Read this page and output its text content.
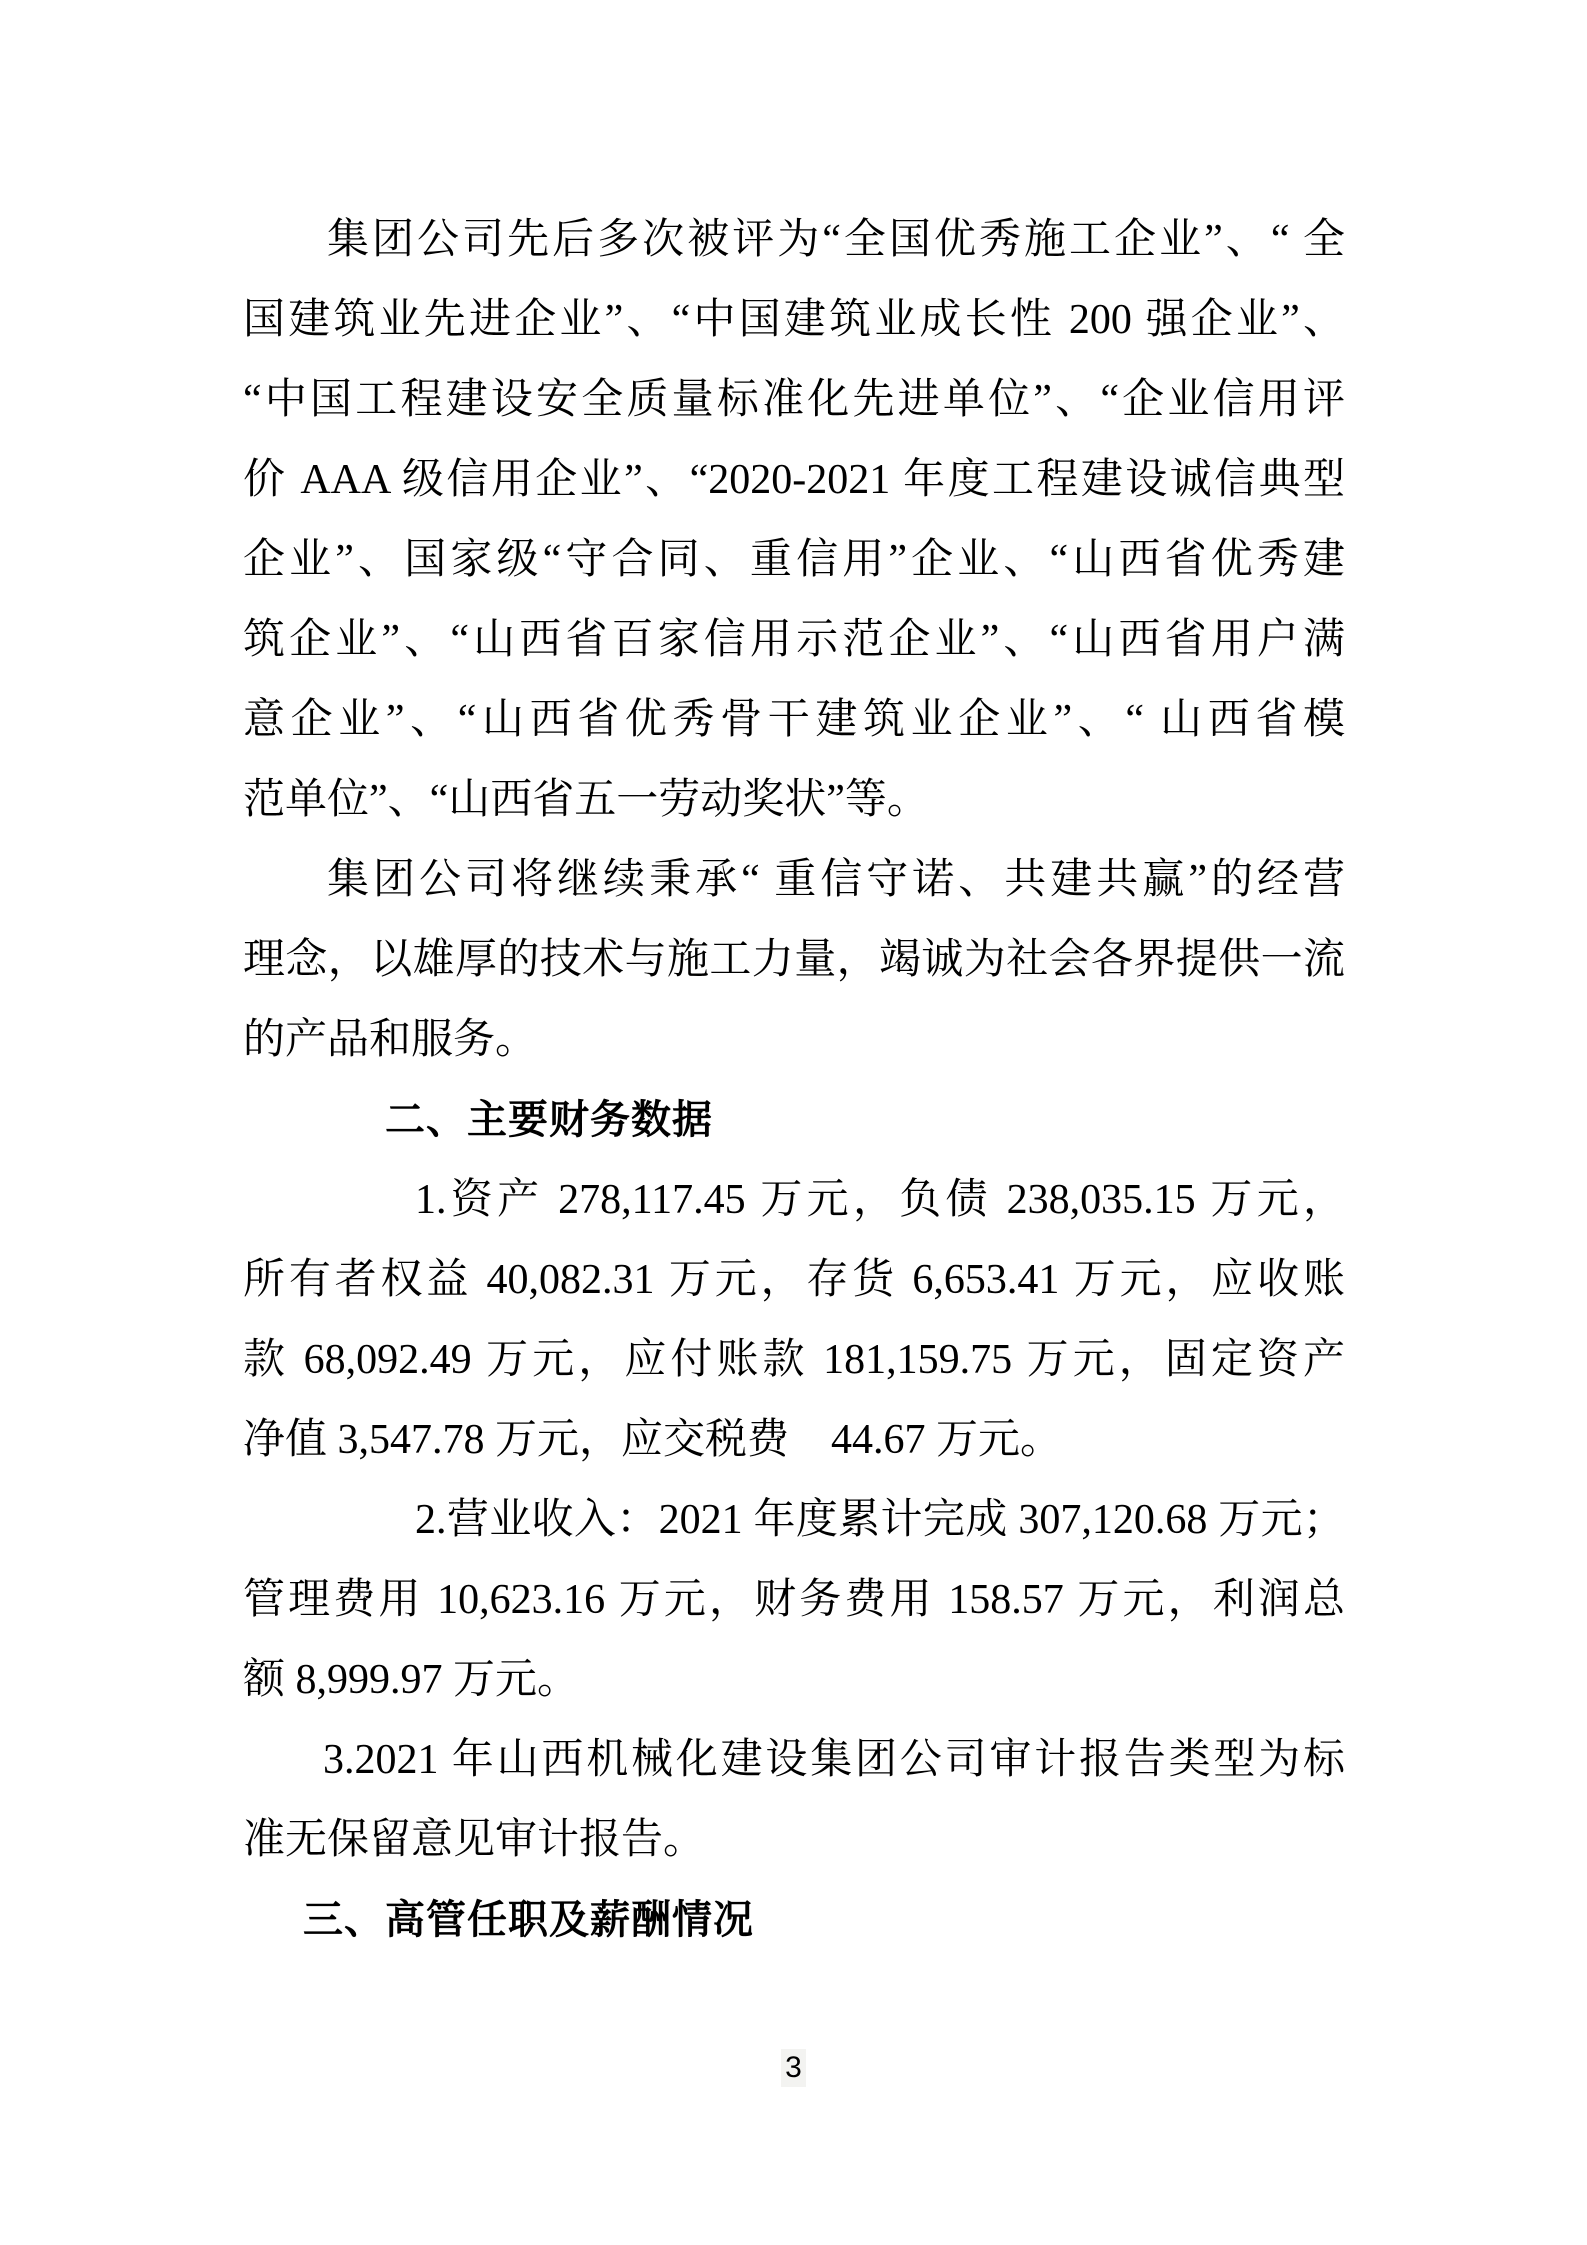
集团公司先后多次被评为“全国优秀施工企业”、“ 全
国建筑业先进企业”、“中国建筑业成长性 200 强企业”、
“中国工程建设安全质量标准化先进单位”、“企业信用评
价 AAA 级信用企业”、“2020-2021 年度工程建设诚信典型
企业”、国家级“守合同、重信用”企业、“山西省优秀建
筑企业”、“山西省百家信用示范企业”、“山西省用户满
意企业”、“山西省优秀骨干建筑业企业”、“ 山西省模
范单位”、“山西省五一劳动奖状”等。
集团公司将继续秉承“ 重信守诺、共建共赢”的经营
理念，以雄厚的技术与施工力量，竭诚为社会各界提供一流
的产品和服务。
二、主要财务数据
1.资产 278,117.45 万元，负债 238,035.15 万元，
所有者权益 40,082.31 万元，存货 6,653.41 万元，应收账
款 68,092.49 万元，应付账款 181,159.75 万元，固定资产
净值 3,547.78 万元，应交税费　44.67 万元。
2.营业收入：2021 年度累计完成 307,120.68 万元；
管理费用 10,623.16 万元，财务费用 158.57 万元，利润总
额 8,999.97 万元。
3.2021 年山西机械化建设集团公司审计报告类型为标
准无保留意见审计报告。
三、高管任职及薪酬情况
3
